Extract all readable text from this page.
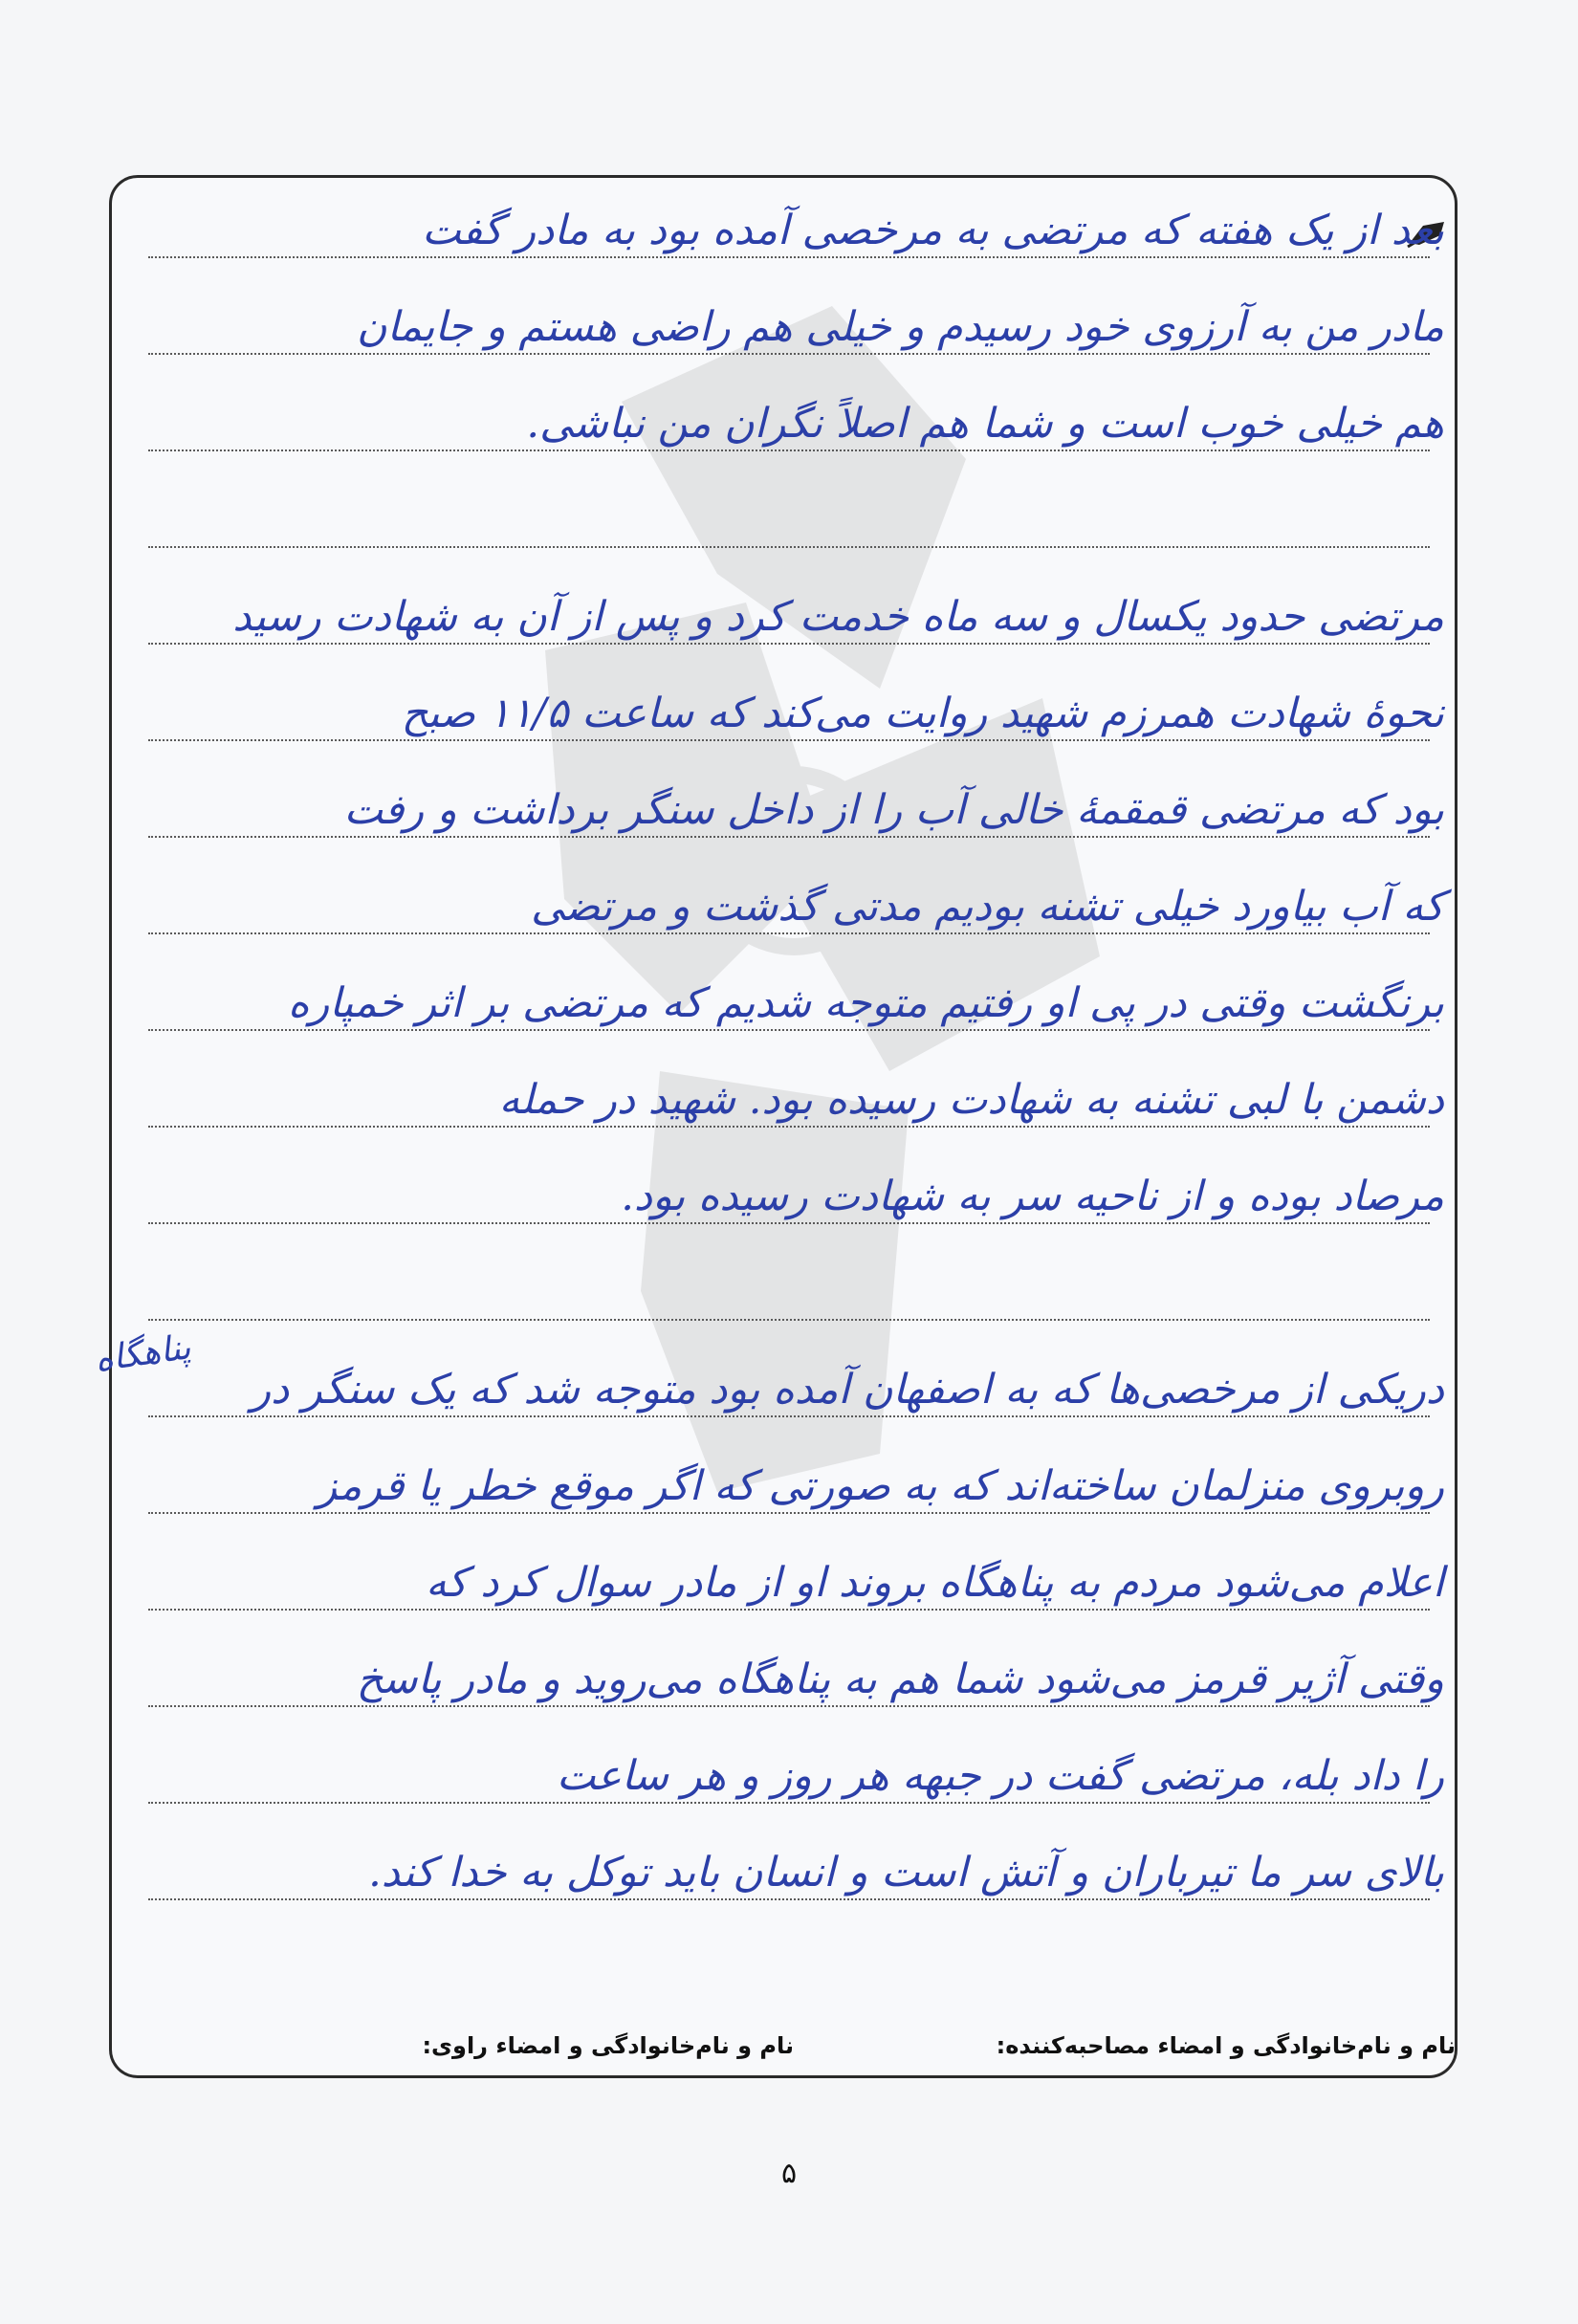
بعد از یک هفته که مرتضی به مرخصی آمده بود به مادر گفت
مادر من به آرزوی خود رسیدم و خیلی هم راضی هستم و جایمان
هم خیلی خوب است و شما هم اصلاً نگران من نباشی.
مرتضی حدود یکسال و سه ماه خدمت کرد و پس از آن به شهادت رسید
نحوهٔ شهادت همرزم شهید روایت می‌کند که ساعت ۱۱/۵ صبح
بود که مرتضی قمقمهٔ خالی آب را از داخل سنگر برداشت و رفت
که آب بیاورد خیلی تشنه بودیم مدتی گذشت و مرتضی
برنگشت وقتی در پی او رفتیم متوجه شدیم که مرتضی بر اثر خمپاره
دشمن با لبی تشنه به شهادت رسیده بود. شهید در حمله
مرصاد بوده و از ناحیه سر به شهادت رسیده بود.
دریکی از مرخصی‌ها که به اصفهان آمده بود متوجه شد که یک سنگر در
روبروی منزلمان ساخته‌اند که به صورتی که اگر موقع خطر یا قرمز
اعلام می‌شود مردم به پناهگاه بروند او از مادر سوال کرد که
وقتی آژیر قرمز می‌شود شما هم به پناهگاه می‌روید و مادر پاسخ
را داد بله، مرتضی گفت در جبهه هر روز و هر ساعت
بالای سر ما تیرباران و آتش است و انسان باید توکل به خدا کند.
پناهگاه
نام و نام‌خانوادگی و امضاء مصاحبه‌کننده:
نام و نام‌خانوادگی و امضاء راوی:
۵
